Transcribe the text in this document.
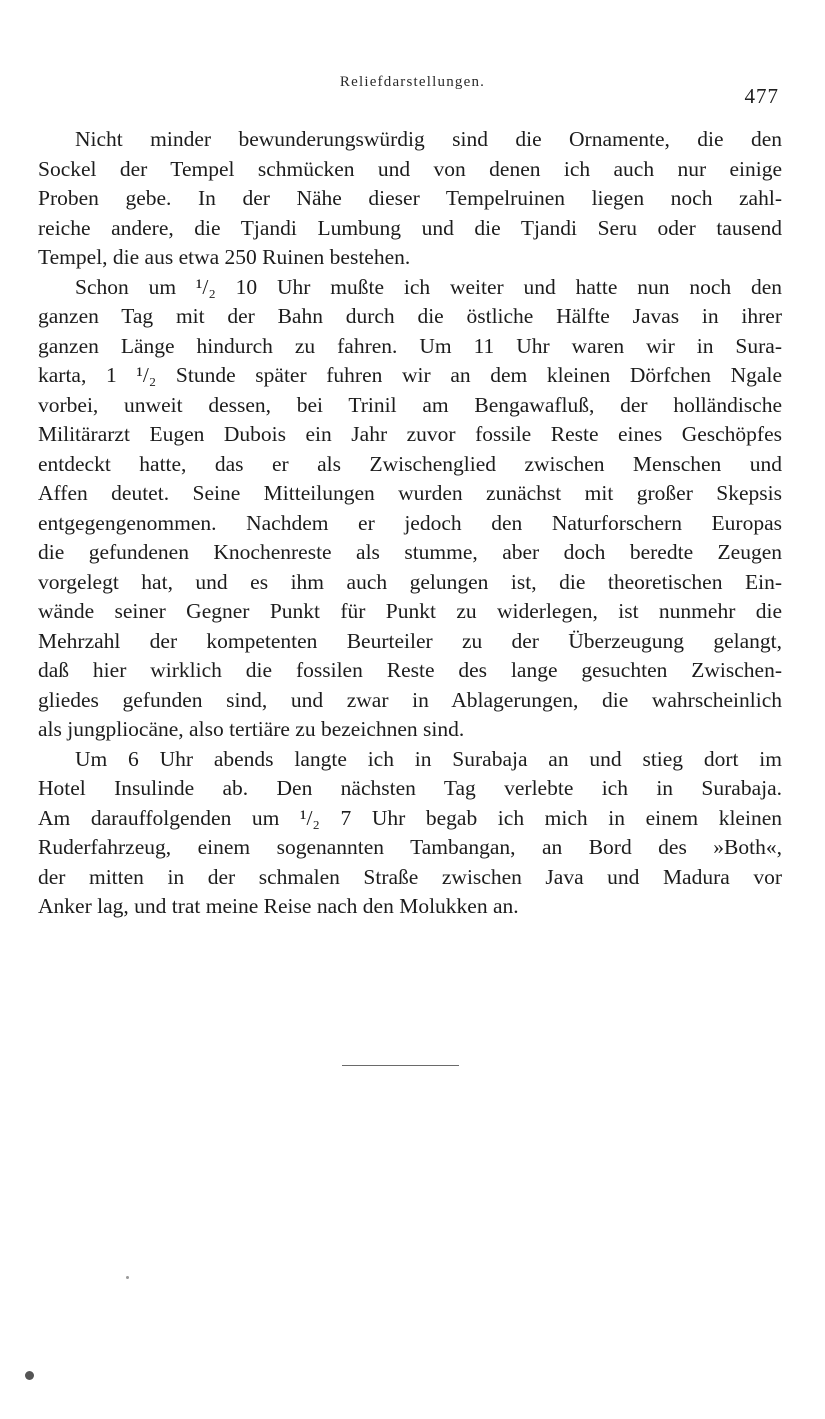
Reliefdarstellungen.
477
Nicht minder bewunderungswürdig sind die Ornamente, die den
Sockel der Tempel schmücken und von denen ich auch nur einige
Proben gebe. In der Nähe dieser Tempelruinen liegen noch zahl-
reiche andere, die Tjandi Lumbung und die Tjandi Seru oder tausend
Tempel, die aus etwa 250 Ruinen bestehen.
Schon um ¹/₂ 10 Uhr mußte ich weiter und hatte nun noch den
ganzen Tag mit der Bahn durch die östliche Hälfte Javas in ihrer
ganzen Länge hindurch zu fahren. Um 11 Uhr waren wir in Sura-
karta, 1 ¹/₂ Stunde später fuhren wir an dem kleinen Dörfchen Ngale
vorbei, unweit dessen, bei Trinil am Bengawafluß, der holländische
Militärarzt Eugen Dubois ein Jahr zuvor fossile Reste eines Geschöpfes
entdeckt hatte, das er als Zwischenglied zwischen Menschen und
Affen deutet. Seine Mitteilungen wurden zunächst mit großer Skepsis
entgegengenommen. Nachdem er jedoch den Naturforschern Europas
die gefundenen Knochenreste als stumme, aber doch beredte Zeugen
vorgelegt hat, und es ihm auch gelungen ist, die theoretischen Ein-
wände seiner Gegner Punkt für Punkt zu widerlegen, ist nunmehr die
Mehrzahl der kompetenten Beurteiler zu der Überzeugung gelangt,
daß hier wirklich die fossilen Reste des lange gesuchten Zwischen-
gliedes gefunden sind, und zwar in Ablagerungen, die wahrscheinlich
als jungpliocäne, also tertiäre zu bezeichnen sind.
Um 6 Uhr abends langte ich in Surabaja an und stieg dort im
Hotel Insulinde ab. Den nächsten Tag verlebte ich in Surabaja.
Am darauffolgenden um ¹/₂ 7 Uhr begab ich mich in einem kleinen
Ruderfahrzeug, einem sogenannten Tambangan, an Bord des »Both«,
der mitten in der schmalen Straße zwischen Java und Madura vor
Anker lag, und trat meine Reise nach den Molukken an.
